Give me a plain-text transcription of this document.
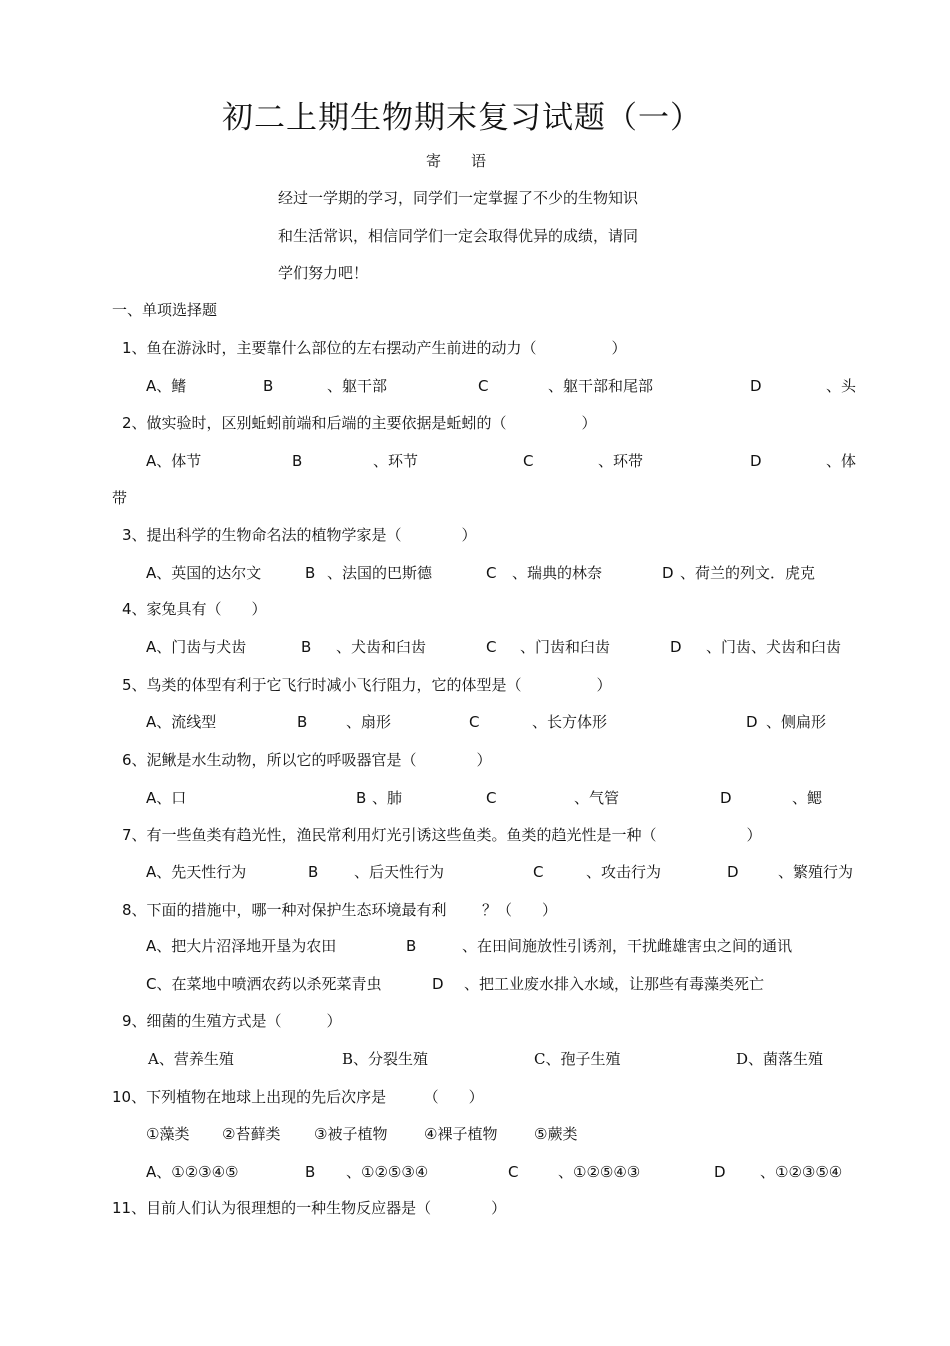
初二上期生物期末复习试题（一）
寄　　语
经过一学期的学习，同学们一定掌握了不少的生物知识
和生活常识，相信同学们一定会取得优异的成绩，请同
学们努力吧！
一、单项选择题
1、鱼在游泳时，主要靠什么部位的左右摆动产生前进的动力（　　　　　）
A、鳍	B	、躯干部	C	、躯干部和尾部	D	、头
2、做实验时，区别蚯蚓前端和后端的主要依据是蚯蚓的（　　　　　）
A、体节	B	、环节	C	、环带	D	、体
带
3、提出科学的生物命名法的植物学家是（　　　　）
A、英国的达尔文	B 、法国的巴斯德	C 、瑞典的林奈	D 、荷兰的列文．虎克
4、家兔具有（　　）
A、门齿与犬齿	B 、犬齿和臼齿	C 、门齿和臼齿	D 、门齿、犬齿和臼齿
5、鸟类的体型有利于它飞行时减小飞行阻力，它的体型是（　　　　　）
A、流线型	B	、扇形	C	、长方体形	D 、侧扁形
6、泥鳅是水生动物，所以它的呼吸器官是（　　　　）
A、口	B 、肺	C	、气管	D	、鳃
7、有一些鱼类有趋光性，渔民常利用灯光引诱这些鱼类。鱼类的趋光性是一种（　　　　　　）
A、先天性行为	B 、后天性行为	C	、攻击行为	D	、繁殖行为
8、下面的措施中，哪一种对保护生态环境最有利 ？（　　）
A、把大片沼泽地开垦为农田	B	、在田间施放性引诱剂，干扰雌雄害虫之间的通讯
C、在菜地中喷洒农药以杀死菜青虫	D 、把工业废水排入水域，让那些有毒藻类死亡
9、细菌的生殖方式是（　　　）
A、营养生殖	B、分裂生殖	C、孢子生殖	D、菌落生殖
10、下列植物在地球上出现的先后次序是　　　（　　）
①藻类 ②苔藓类 ③被子植物 ④裸子植物 ⑤蕨类
A、①②③④⑤	B 、①②⑤③④	C	、①②⑤④③	D 、①②③⑤④
11、目前人们认为很理想的一种生物反应器是（　　　　）
